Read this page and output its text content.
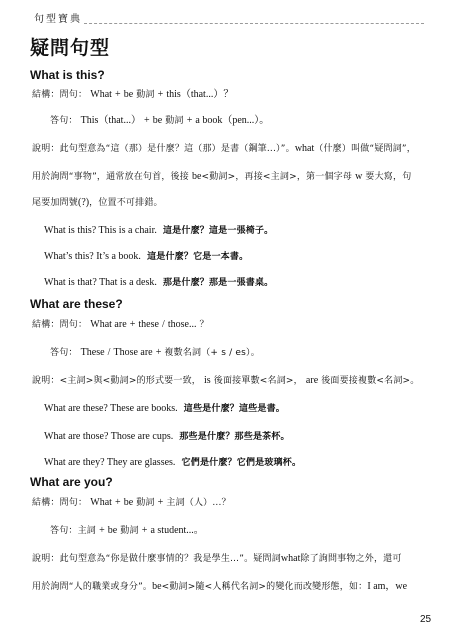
句型寶典
疑問句型
What is this?
結構：問句： What + be 動詞 + this（that...）？
答句： This（that...） + be 動詞 + a book（pen...）。
說明：此句型意為“這（那）是什麼？這（那）是書（鋼筆...）”。what（什麼）叫做“疑問詞”，
用於詢問“事物”，通常放在句首，後接 be<動詞>，再接<主詞>，第一個字母 w 要大寫，句
尾要加問號(?)，位置不可排錯。
What is this? This is a chair. 這是什麼？這是一張椅子。
What’s this? It’s a book. 這是什麼？它是一本書。
What is that? That is a desk. 那是什麼？那是一張書桌。
What are these?
結構：問句： What are + these / those... ？
答句： These / Those are + 複數名詞（+ s / es）。
說明：<主詞>與<動詞>的形式要一致， is 後面接單數<名詞>， are 後面要接複數<名詞>。
What are these? These are books. 這些是什麼？這些是書。
What are those? Those are cups. 那些是什麼？那些是茶杯。
What are they? They are glasses. 它們是什麼？它們是玻璃杯。
What are you?
結構：問句： What + be 動詞 + 主詞（人）...？
答句：主詞 + be 動詞 + a student...。
說明：此句型意為“你是做什麼事情的？我是學生...”。疑問詞what除了詢問事物之外，還可
用於詢問“人的職業或身分”。be<動詞>隨<人稱代名詞>的變化而改變形態，如：I am，we
25
